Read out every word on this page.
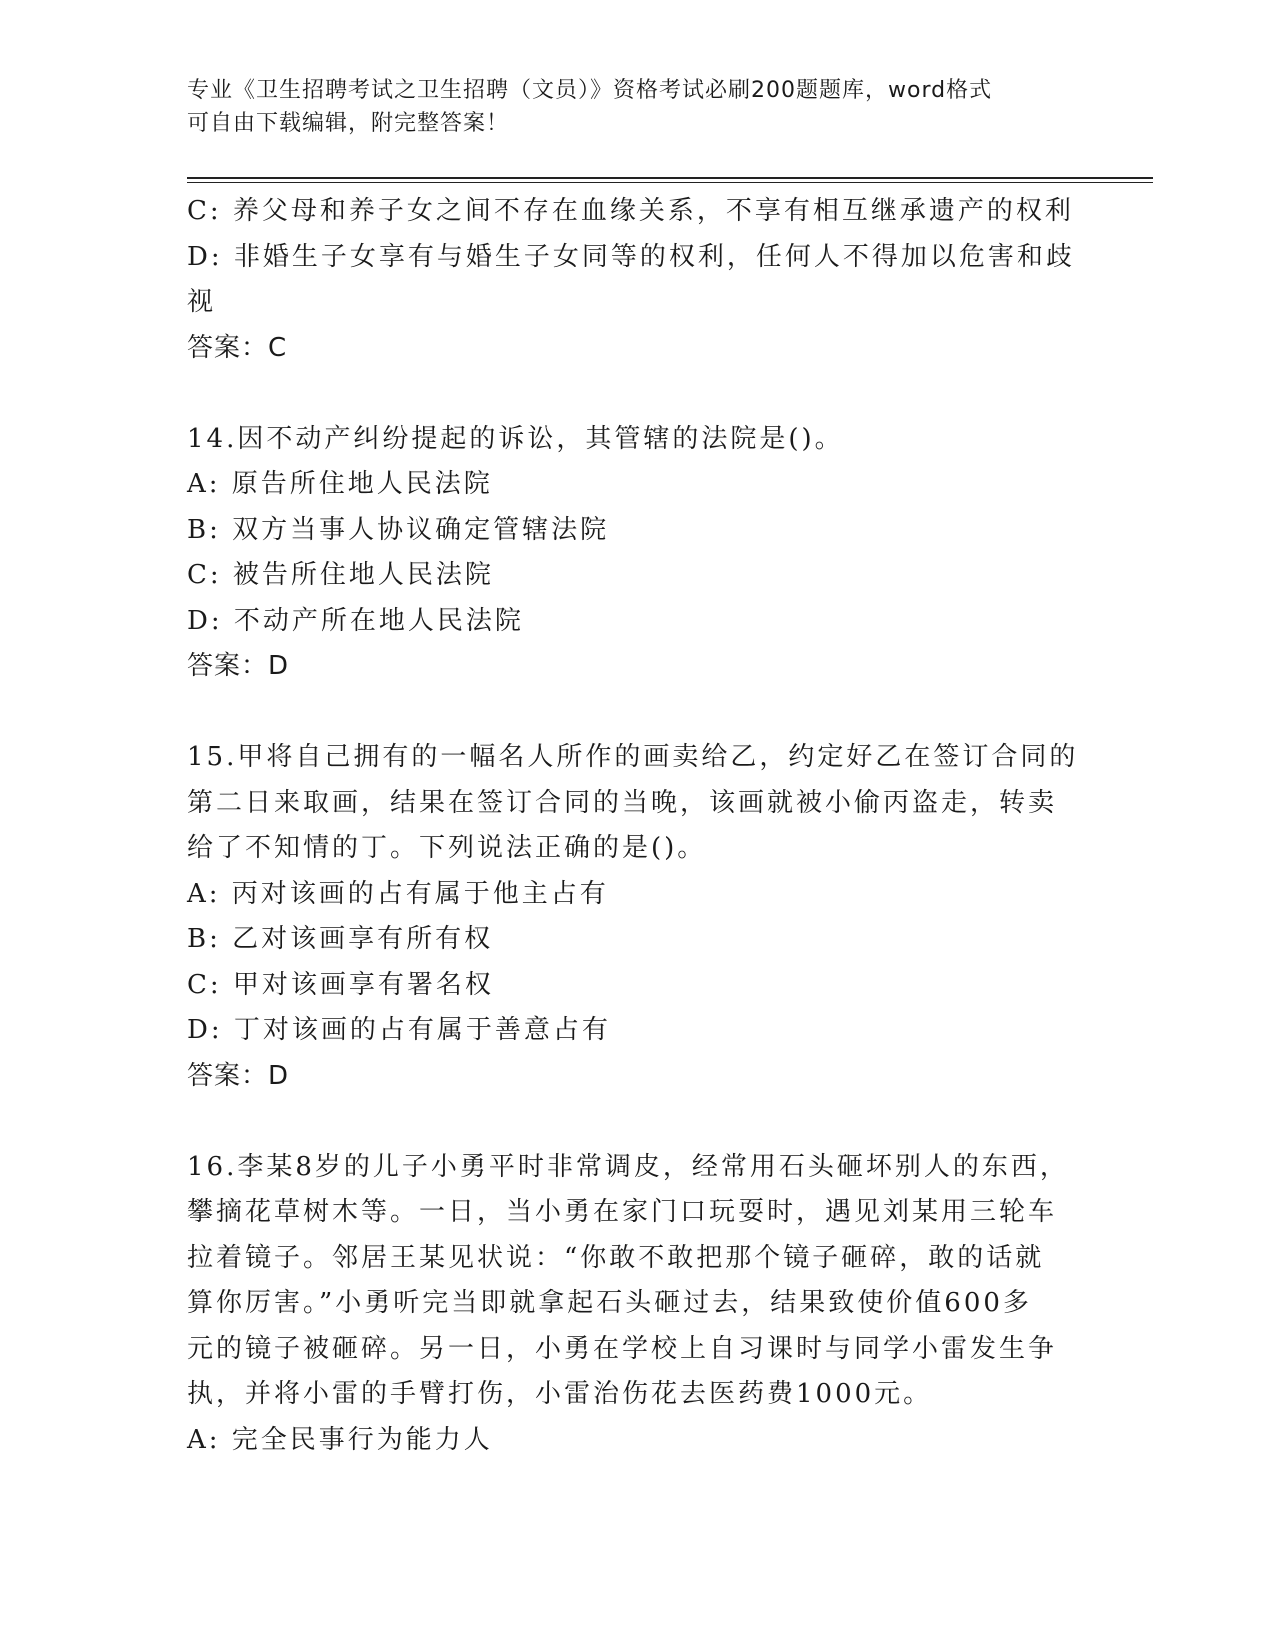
专业《卫生招聘考试之卫生招聘（文员）》资格考试必刷200题题库，word格式
可自由下载编辑，附完整答案！

C: 养父母和养子女之间不存在血缘关系，不享有相互继承遗产的权利

D: 非婚生子女享有与婚生子女同等的权利，任何人不得加以危害和歧

视

答案：C

14.因不动产纠纷提起的诉讼，其管辖的法院是()。

A: 原告所住地人民法院

B: 双方当事人协议确定管辖法院

C: 被告所住地人民法院

D: 不动产所在地人民法院

答案：D

15.甲将自己拥有的一幅名人所作的画卖给乙，约定好乙在签订合同的

第二日来取画，结果在签订合同的当晚，该画就被小偷丙盗走，转卖

给了不知情的丁。下列说法正确的是()。

A: 丙对该画的占有属于他主占有

B: 乙对该画享有所有权

C: 甲对该画享有署名权

D: 丁对该画的占有属于善意占有

答案：D

16.李某8岁的儿子小勇平时非常调皮，经常用石头砸坏别人的东西，

攀摘花草树木等。一日，当小勇在家门口玩耍时，遇见刘某用三轮车

拉着镜子。邻居王某见状说：“你敢不敢把那个镜子砸碎，敢的话就

算你厉害。”小勇听完当即就拿起石头砸过去，结果致使价值600多

元的镜子被砸碎。另一日，小勇在学校上自习课时与同学小雷发生争

执，并将小雷的手臂打伤，小雷治伤花去医药费1000元。

A: 完全民事行为能力人
